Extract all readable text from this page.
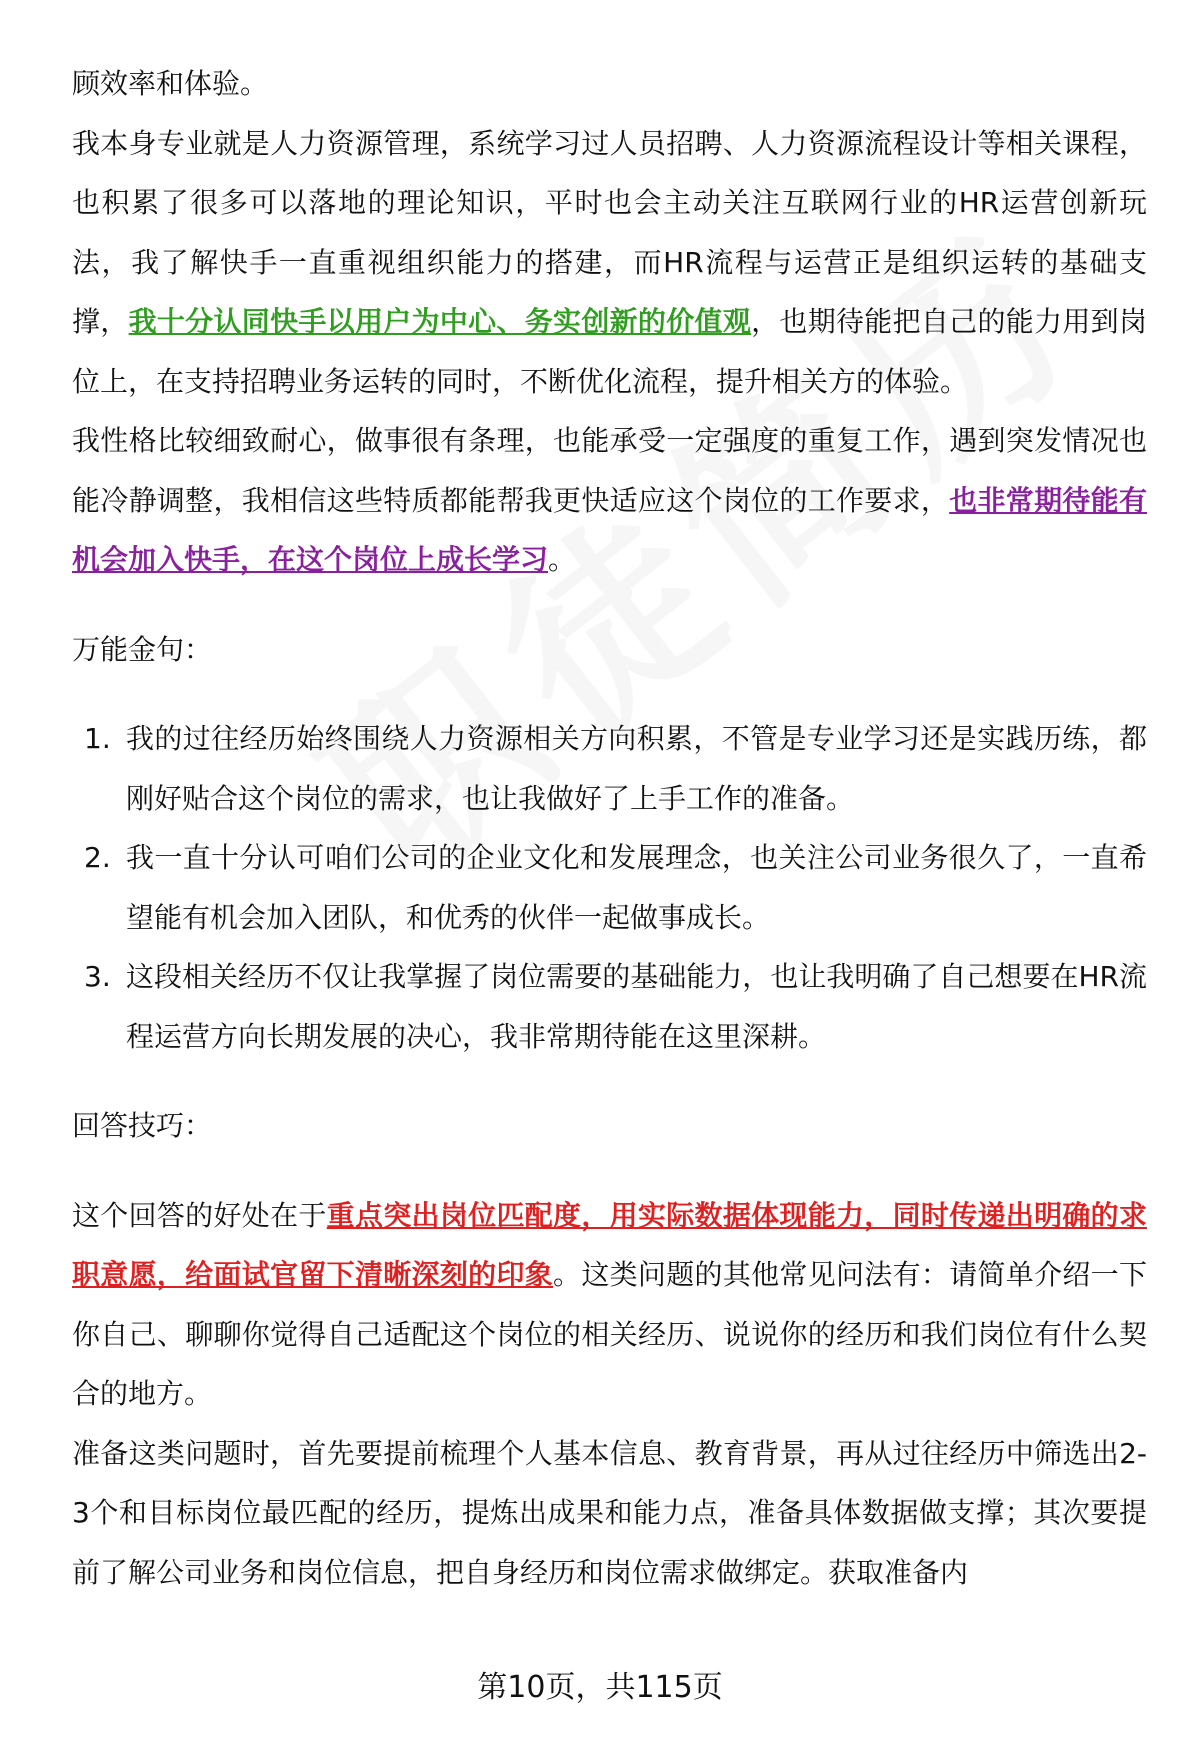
顾效率和体验。

我本身专业就是人力资源管理，系统学习过人员招聘、人力资源流程设计等相关课程，也积累了很多可以落地的理论知识，平时也会主动关注互联网行业的HR运营创新玩法，我了解快手一直重视组织能力的搭建，而HR流程与运营正是组织运转的基础支撑，我十分认同快手以用户为中心、务实创新的价值观，也期待能把自己的能力用到岗位上，在支持招聘业务运转的同时，不断优化流程，提升相关方的体验。

我性格比较细致耐心，做事很有条理，也能承受一定强度的重复工作，遇到突发情况也能冷静调整，我相信这些特质都能帮我更快适应这个岗位的工作要求，也非常期待能有机会加入快手，在这个岗位上成长学习。

万能金句：

1. 我的过往经历始终围绕人力资源相关方向积累，不管是专业学习还是实践历练，都刚好贴合这个岗位的需求，也让我做好了上手工作的准备。
2. 我一直十分认可咱们公司的企业文化和发展理念，也关注公司业务很久了，一直希望能有机会加入团队，和优秀的伙伴一起做事成长。
3. 这段相关经历不仅让我掌握了岗位需要的基础能力，也让我明确了自己想要在HR流程运营方向长期发展的决心，我非常期待能在这里深耕。

回答技巧：

这个回答的好处在于重点突出岗位匹配度，用实际数据体现能力，同时传递出明确的求职意愿，给面试官留下清晰深刻的印象。这类问题的其他常见问法有：请简单介绍一下你自己、聊聊你觉得自己适配这个岗位的相关经历、说说你的经历和我们岗位有什么契合的地方。

准备这类问题时，首先要提前梳理个人基本信息、教育背景，再从过往经历中筛选出2-3个和目标岗位最匹配的经历，提炼出成果和能力点，准备具体数据做支撑；其次要提前了解公司业务和岗位信息，把自身经历和岗位需求做绑定。获取准备内

第10页，共115页
